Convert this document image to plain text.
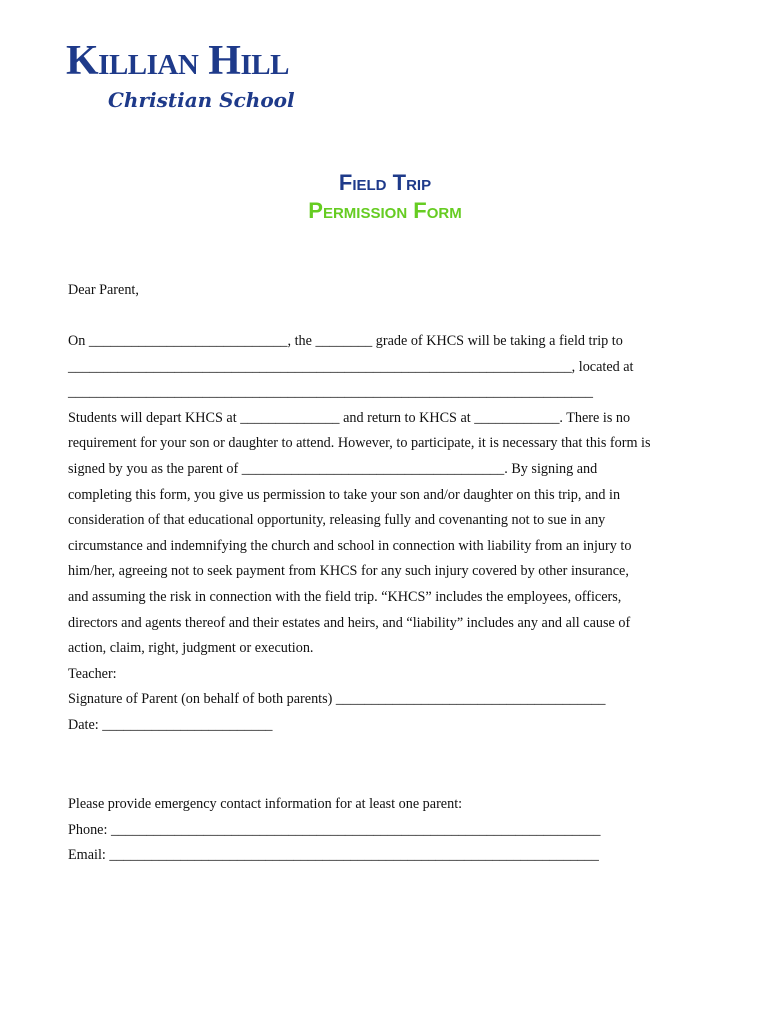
Killian Hill
Christian School
Field Trip
Permission Form
Dear Parent,
On ____________________________, the ________ grade of KHCS will be taking a field trip to
_______________________________________________________________________, located at
__________________________________________________________________________
Students will depart KHCS at ______________ and return to KHCS at ____________. There is no
requirement for your son or daughter to attend. However, to participate, it is necessary that this form is
signed by you as the parent of _____________________________________. By signing and
completing this form, you give us permission to take your son and/or daughter on this trip, and in
consideration of that educational opportunity, releasing fully and covenanting not to sue in any
circumstance and indemnifying the church and school in connection with liability from an injury to
him/her, agreeing not to seek payment from KHCS for any such injury covered by other insurance,
and assuming the risk in connection with the field trip. “KHCS” includes the employees, officers,
directors and agents thereof and their estates and heirs, and “liability” includes any and all cause of
action, claim, right, judgment or execution.
Teacher:
Signature of Parent (on behalf of both parents) ______________________________________
Date: ________________________
Please provide emergency contact information for at least one parent:
Phone: _____________________________________________________________________
Email: _____________________________________________________________________
